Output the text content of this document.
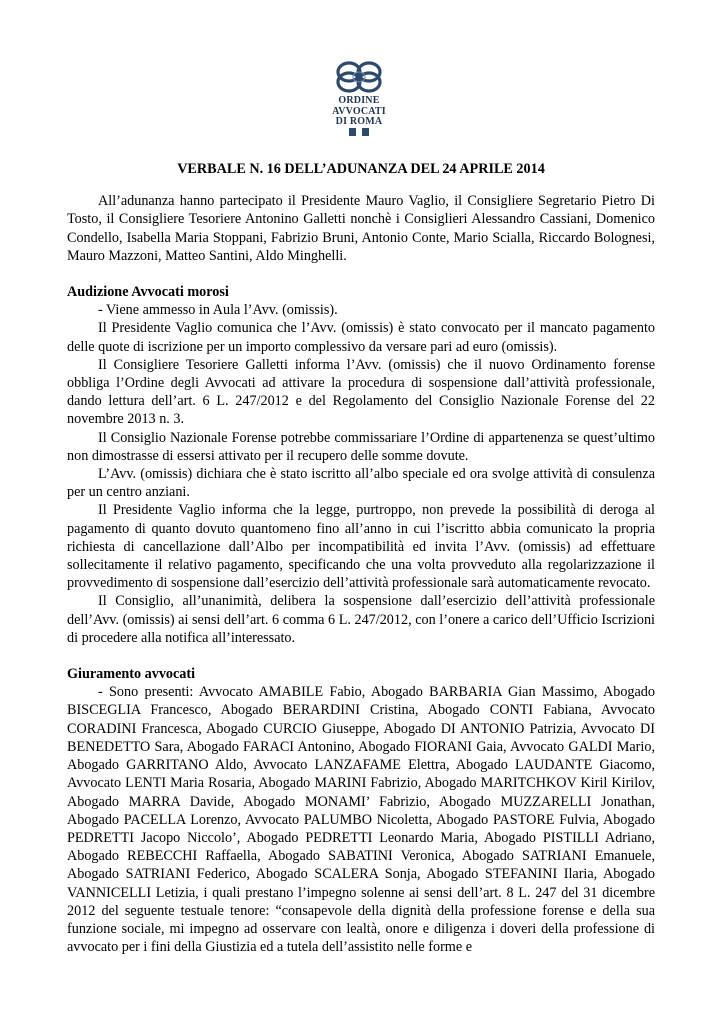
ORDINE
AVVOCATI
DI ROMA
VERBALE N. 16 DELL’ADUNANZA DEL 24 APRILE 2014

All’adunanza hanno partecipato il Presidente Mauro Vaglio, il Consigliere Segretario Pietro Di Tosto, il Consigliere Tesoriere Antonino Galletti nonchè i Consiglieri Alessandro Cassiani, Domenico Condello, Isabella Maria Stoppani, Fabrizio Bruni, Antonio Conte, Mario Scialla, Riccardo Bolognesi, Mauro Mazzoni, Matteo Santini, Aldo Minghelli.

Audizione Avvocati morosi

- Viene ammesso in Aula l’Avv. (omissis).

Il Presidente Vaglio comunica che l’Avv. (omissis) è stato convocato per il mancato pagamento delle quote di iscrizione per un importo complessivo da versare pari ad euro (omissis).

Il Consigliere Tesoriere Galletti informa l’Avv. (omissis) che il nuovo Ordinamento forense obbliga l’Ordine degli Avvocati ad attivare la procedura di sospensione dall’attività professionale, dando lettura dell’art. 6 L. 247/2012 e del Regolamento del Consiglio Nazionale Forense del 22 novembre 2013 n. 3.

Il Consiglio Nazionale Forense potrebbe commissariare l’Ordine di appartenenza se quest’ultimo non dimostrasse di essersi attivato per il recupero delle somme dovute.

L’Avv. (omissis) dichiara che è stato iscritto all’albo speciale ed ora svolge attività di consulenza per un centro anziani.

Il Presidente Vaglio informa che la legge, purtroppo, non prevede la possibilità di deroga al pagamento di quanto dovuto quantomeno fino all’anno in cui l’iscritto abbia comunicato la propria richiesta di cancellazione dall’Albo per incompatibilità ed invita l’Avv. (omissis) ad effettuare sollecitamente il relativo pagamento, specificando che una volta provveduto alla regolarizzazione il provvedimento di sospensione dall’esercizio dell’attività professionale sarà automaticamente revocato.

Il Consiglio, all’unanimità, delibera la sospensione dall’esercizio dell’attività professionale dell’Avv. (omissis) ai sensi dell’art. 6 comma 6 L. 247/2012, con l’onere a carico dell’Ufficio Iscrizioni di procedere alla notifica all’interessato.

Giuramento avvocati

- Sono presenti: Avvocato AMABILE Fabio, Abogado BARBARIA Gian Massimo, Abogado BISCEGLIA Francesco, Abogado BERARDINI Cristina, Abogado CONTI Fabiana, Avvocato CORADINI Francesca, Abogado CURCIO Giuseppe, Abogado DI ANTONIO Patrizia, Avvocato DI BENEDETTO Sara, Abogado FARACI Antonino, Abogado FIORANI Gaia, Avvocato GALDI Mario, Abogado GARRITANO Aldo, Avvocato LANZAFAME Elettra, Abogado LAUDANTE Giacomo, Avvocato LENTI Maria Rosaria, Abogado MARINI Fabrizio, Abogado MARITCHKOV Kiril Kirilov, Abogado MARRA Davide, Abogado MONAMI’ Fabrizio, Abogado MUZZARELLI Jonathan, Abogado PACELLA Lorenzo, Avvocato PALUMBO Nicoletta, Abogado PASTORE Fulvia, Abogado PEDRETTI Jacopo Niccolo’, Abogado PEDRETTI Leonardo Maria, Abogado PISTILLI Adriano, Abogado REBECCHI Raffaella, Abogado SABATINI Veronica, Abogado SATRIANI Emanuele, Abogado SATRIANI Federico, Abogado SCALERA Sonja, Abogado STEFANINI Ilaria, Abogado VANNICELLI Letizia, i quali prestano l’impegno solenne ai sensi dell’art. 8 L. 247 del 31 dicembre 2012 del seguente testuale tenore: “consapevole della dignità della professione forense e della sua funzione sociale, mi impegno ad osservare con lealtà, onore e diligenza i doveri della professione di avvocato per i fini della Giustizia ed a tutela dell’assistito nelle forme e
